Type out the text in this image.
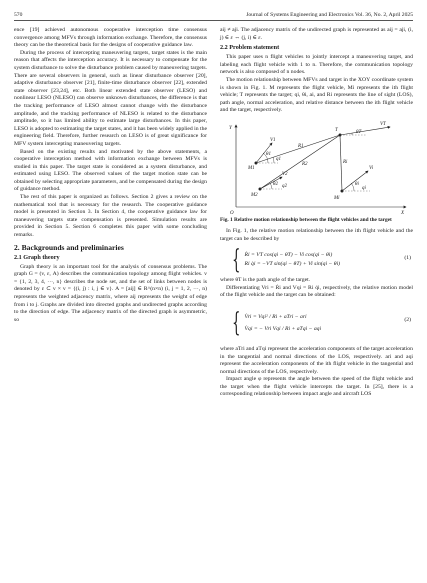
570	Journal of Systems Engineering and Electronics Vol. 36, No. 2, April 2025

ence [19] achieved autonomous cooperative interception time consensus convergence among MFVs through information exchange. Therefore, the consensus theory can be the theoretical basis for the designs of cooperative guidance law.

During the process of intercepting maneuvering targets, target states is the main reason that affects the interception accuracy. It is necessary to compensate for the system disturbance to solve the disturbance problem caused by maneuvering targets. There are several observers in general, such as linear disturbance observer [20], adaptive disturbance observer [21], finite-time disturbance observer [22], extended state observer [23,24], etc. Both linear extended state observer (LESO) and nonlinear LESO (NLESO) can observe unknown disturbances, the difference is that the tracking performance of LESO almost cannot change with the disturbance amplitude, and the tracking performance of NLESO is related to the disturbance amplitude, so it has limited ability to estimate large disturbances. In this paper, LESO is adopted to estimating the target states, and it has been widely applied in the engineering field. Therefore, further research on LESO is of great significance for MFV system intercepting maneuvering targets.

Based on the existing results and motivated by the above statements, a cooperative interception method with information exchange between MFVs is studied in this paper. The target state is considered as a system disturbance, and estimated using LESO. The observed values of the target motion state can be obtained by selecting appropriate parameters, and be compensated during the design of guidance method.

The rest of this paper is organized as follows. Section 2 gives a review on the mathematical tool that is necessary for the research. The cooperative guidance model is presented in Section 3. In Section 4, the cooperative guidance law for maneuvering targets state compensation is presented. Simulation results are provided in Section 5. Section 6 completes this paper with some concluding remarks.

2. Backgrounds and preliminaries
2.1 Graph theory

Graph theory is an important tool for the analysis of consensus problems. The graph G = (v, ε, A) describes the communication topology among flight vehicles. v = {1, 2, 3, 4, ···, n} describes the node set, and the set of links between nodes is denoted by ε ⊂ v × v = {(i, j) : i, j ∈ v}. A = [aij] ∈ R^(n×n) (i, j = 1, 2, ···, n) represents the weighted adjacency matrix, where aij represents the weight of edge from i to j. Graphs are divided into directed graphs and undirected graphs according to the direction of edge. The adjacency matrix of the directed graph is asymmetric, so

aij ≠ aji. The adjacency matrix of the undirected graph is represented as aij = aji, (i, j) ∈ ε ⇔ (j, i) ∈ ε.

2.2 Problem statement

This paper uses n flight vehicles to jointly intercept a maneuvering target, and labeling each flight vehicle with 1 to n. Therefore, the communication topology network is also composed of n nodes.

The motion relationship between MFVs and target in the XOY coordinate system is shown in Fig. 1. M represents the flight vehicle, Mi represents the ith flight vehicle; T represents the target; qi, θi, ai, and Ri represents the line of sight (LOS), path angle, normal acceleration, and relative distance between the ith flight vehicle and the target, respectively.

Y
X
O
T
VT
θT
V1
θ1
q1
M1
R1
V2
θ2 q2
M2
R2
Vi
θi
qi
Mi
Ri
Fig. 1 Relative motion relationship between the flight vehicles and the target

In Fig. 1, the relative motion relationship between the ith flight vehicle and the target can be described by

{ Ṙi = VT cos(qi − θT) − Vi cos(qi − θi)
Ri q̇i = −VT sin(qi − θT) + Vi sin(qi − θi)
(1)

where θT is the path angle of the target.

Differentiating Vri = Ṙi and Vqi = Ri q̇i, respectively, the relative motion model of the flight vehicle and the target can be obtained:

{ V̇ri = Vqi² / Ri + aTri − ari
V̇qi = − Vri Vqi / Ri + aTqi − aqi
(2)

where aTri and aTqi represent the acceleration components of the target acceleration in the tangential and normal directions of the LOS, respectively. ari and aqi represent the acceleration components of the ith flight vehicle in the tangential and normal directions of the LOS, respectively.

Impact angle φ represents the angle between the speed of the flight vehicle and the target when the flight vehicle intercepts the target. In [25], there is a corresponding relationship between impact angle and aircraft LOS
